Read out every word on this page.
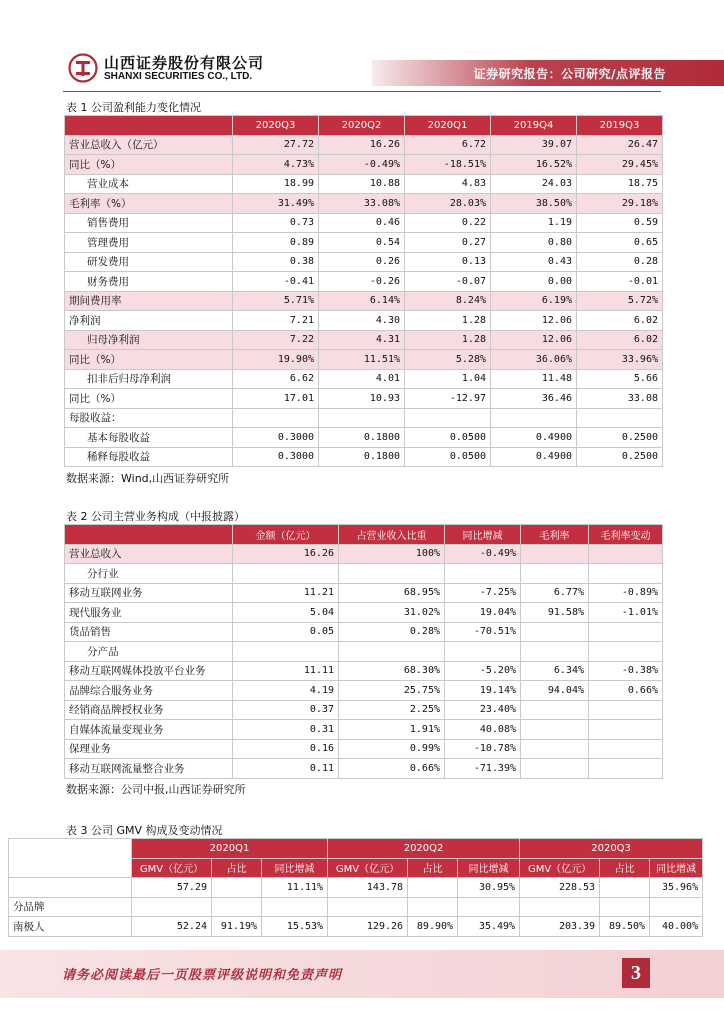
山西证券股份有限公司
SHANXI SECURITIES CO., LTD.	证券研究报告：公司研究/点评报告
表 1 公司盈利能力变化情况
	2020Q3	2020Q2	2020Q1	2019Q4	2019Q3
营业总收入（亿元）	27.72	16.26	6.72	39.07	26.47
同比（%）	4.73%	-0.49%	-18.51%	16.52%	29.45%
营业成本	18.99	10.88	4.83	24.03	18.75
毛利率（%）	31.49%	33.08%	28.03%	38.50%	29.18%
销售费用	0.73	0.46	0.22	1.19	0.59
管理费用	0.89	0.54	0.27	0.80	0.65
研发费用	0.38	0.26	0.13	0.43	0.28
财务费用	-0.41	-0.26	-0.07	0.00	-0.01
期间费用率	5.71%	6.14%	8.24%	6.19%	5.72%
净利润	7.21	4.30	1.28	12.06	6.02
归母净利润	7.22	4.31	1.28	12.06	6.02
同比（%）	19.90%	11.51%	5.28%	36.06%	33.96%
扣非后归母净利润	6.62	4.01	1.04	11.48	5.66
同比（%）	17.01	10.93	-12.97	36.46	33.08
每股收益：					
基本每股收益	0.3000	0.1800	0.0500	0.4900	0.2500
稀释每股收益	0.3000	0.1800	0.0500	0.4900	0.2500
数据来源：Wind,山西证券研究所
表 2 公司主营业务构成（中报披露）
	金额（亿元）	占营业收入比重	同比增减	毛利率	毛利率变动
营业总收入	16.26	100%	-0.49%		
分行业					
移动互联网业务	11.21	68.95%	-7.25%	6.77%	-0.89%
现代服务业	5.04	31.02%	19.04%	91.58%	-1.01%
货品销售	0.05	0.28%	-70.51%		
分产品					
移动互联网媒体投放平台业务	11.11	68.30%	-5.20%	6.34%	-0.38%
品牌综合服务业务	4.19	25.75%	19.14%	94.04%	0.66%
经销商品牌授权业务	0.37	2.25%	23.40%		
自媒体流量变现业务	0.31	1.91%	40.08%		
保理业务	0.16	0.99%	-10.78%		
移动互联网流量整合业务	0.11	0.66%	-71.39%		
数据来源：公司中报,山西证券研究所
表 3 公司 GMV 构成及变动情况
	2020Q1			2020Q2			2020Q3		
	GMV（亿元）	占比	同比增减	GMV（亿元）	占比	同比增减	GMV（亿元）	占比	同比增减
	57.29		11.11%	143.78		30.95%	228.53		35.96%
分品牌									
南极人	52.24	91.19%	15.53%	129.26	89.90%	35.49%	203.39	89.50%	40.00%
请务必阅读最后一页股票评级说明和免责声明	3
